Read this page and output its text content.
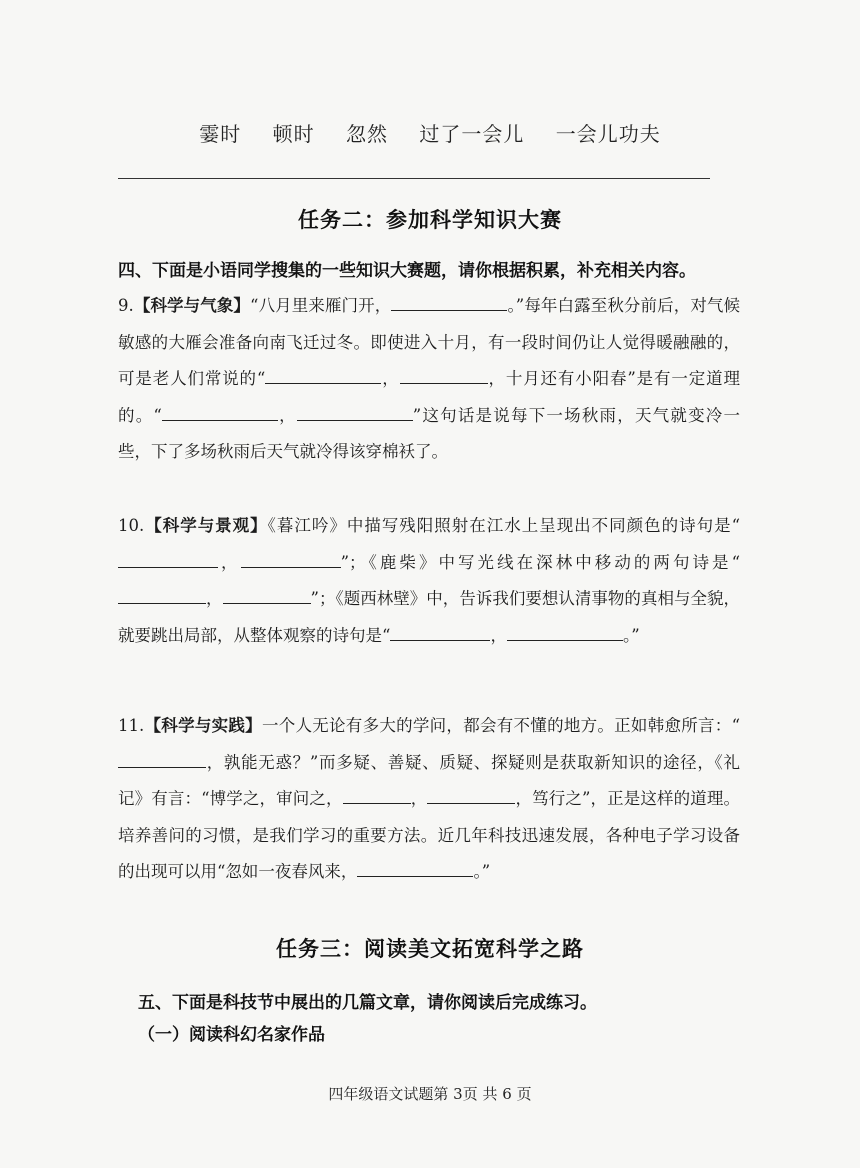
霎时 顿时 忽然 过了一会儿 一会儿功夫
任务二：参加科学知识大赛
四、下面是小语同学搜集的一些知识大赛题，请你根据积累，补充相关内容。
9.【科学与气象】“八月里来雁门开，	。”每年白露至秋分前后，对气候敏感的大雁会准备向南飞迁过冬。即使进入十月，有一段时间仍让人觉得暖融融的，可是老人们常说的“	，	，十月还有小阳春”是有一定道理的。“	，	”这句话是说每下一场秋雨，天气就变冷一些，下了多场秋雨后天气就冷得该穿棉袄了。
10.【科学与景观】《暮江吟》中描写残阳照射在江水上呈现出不同颜色的诗句是“，	”；《鹿柴》中写光线在深林中移动的两句诗是“，	”；《题西林壁》中，告诉我们要想认清事物的真相与全貌，就要跳出局部，从整体观察的诗句是“	，	。”
11.【科学与实践】一个人无论有多大的学问，都会有不懂的地方。正如韩愈所言：“，孰能无惑？”而多疑、善疑、质疑、探疑则是获取新知识的途径，《礼记》有言：“博学之，审问之，	，	，笃行之”，正是这样的道理。培养善问的习惯，是我们学习的重要方法。近几年科技迅速发展，各种电子学习设备的出现可以用“忽如一夜春风来，	。”
任务三：阅读美文拓宽科学之路
五、下面是科技节中展出的几篇文章，请你阅读后完成练习。
（一）阅读科幻名家作品
四年级语文试题第 3页 共 6 页
